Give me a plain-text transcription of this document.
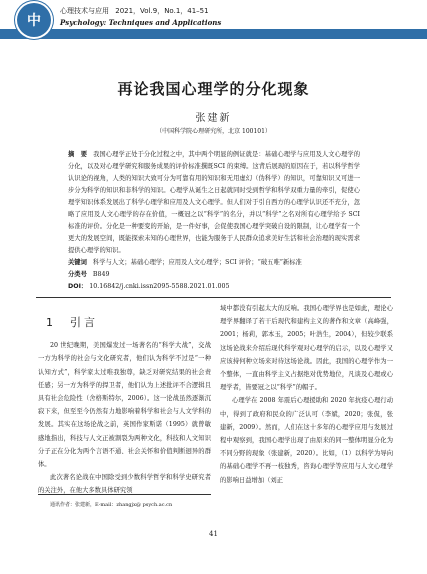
中
心理技术与应用 2021，Vol.9，No.1，41–51
Psychology: Techniques and Applications
再论我国心理学的分化现象
张建新
（中国科学院心理研究所，北京 100101）

摘　要 我国心理学正处于分化过程之中，其中两个明显的例证就是：基础心理学与应用及人文心理学的分化，以及对心理学研究和服务成果的评价标准撰既SCI 的束缚。这背后展现的原因在于，若以科学哲学认识论的视角，人类的知识大致可分为可靠有用的知识和无用虚幻（伪科学）的知识，可靠知识又可进一步分为科学的知识和非科学的知识。心理学从诞生之日起就同时受到哲学和科学双重力量的牵引，促使心理学知识体系发展出了科学心理学和应用及人文心理学。但人们对于引自西方的心理学认识还不充分，忽略了应用及人文心理学的存在价值，一概冠之以“科学”的名分，并以“科学”之名对所有心理学给予 SCI 标准的评价。分化是一种要变的开始，是一件好事，会促使我国心理学突破自设的限制，让心理学有一个更大的发展空间，既能探索未知的心理世界，也能为服务于人民群众追求美好生活和社会治理的现实需求提供心理学的知识。

关键词 科学与人文；基础心理学；应用及人文心理学；SCI 评价；“破五唯”新标准

分类号 B849

DOI： 10.16842/j.cnki.issn2095-5588.2021.01.005

1　 引言

20 世纪晚期，美国爆发过一场著名的“科学大战”，交战一方为科学的社会与文化研究者，他们认为科学不过是“一种认知方式”，科学家太过唯我独尊，缺乏对研究结果的社会责任感；另一方为科学的捍卫者，他们认为上述批评不合逻辑且具有社会危险性（舍格斯特尔，2006）。这一论战虽然逐渐沉寂下来，但至至今仍然有力地影响着科学和社会与人文学科的发展。其实在这场论战之前，英国作家斯诺（1995）就曾敏感地指出，科技与人文正被割裂为两种文化，科技和人文知识分子正在分化为两个言语不通、社会关怀和价值判断迥异的群体。

此次著名论战在中国除受到少数科学哲学和科学史研究者的关注外，在他大多数具体研究领

域中都没有引起太大的反响。我国心理学界也是如此，理论心理学界翻译了若干后现代和建构主义的著作和文章（高峰强，2001；杨莉，郭本玉，2005；叶浩生，2004），但较少联系这场论战来介绍后现代科学观对心理学的启示，以及心理学又应该持何种立场来对待这场论战。因此，我国的心理学作为一个整体，一直由科学主义占据绝对优势地位，凡谈及心理或心理学者，皆要冠之以“科学”的帽子。

心理学在 2008 年震后心理援助和 2020 年抗疫心理行动中，得到了政府和民众的广泛认可（李斌，2020；张侃，张建新，2009）。然而，人们在这十多年的心理学应用与发展过程中观察到，我国心理学出现了由原来的同一整体明显分化为不同分野的现象（张建新，2020）。比如，（1）以科学为导向的基础心理学不再一枝独秀，咨询心理学等应用与人文心理学的影响日益增加（刘正

通讯作者：张建新，E-mail：zhangjx@ psych.ac.cn
41
